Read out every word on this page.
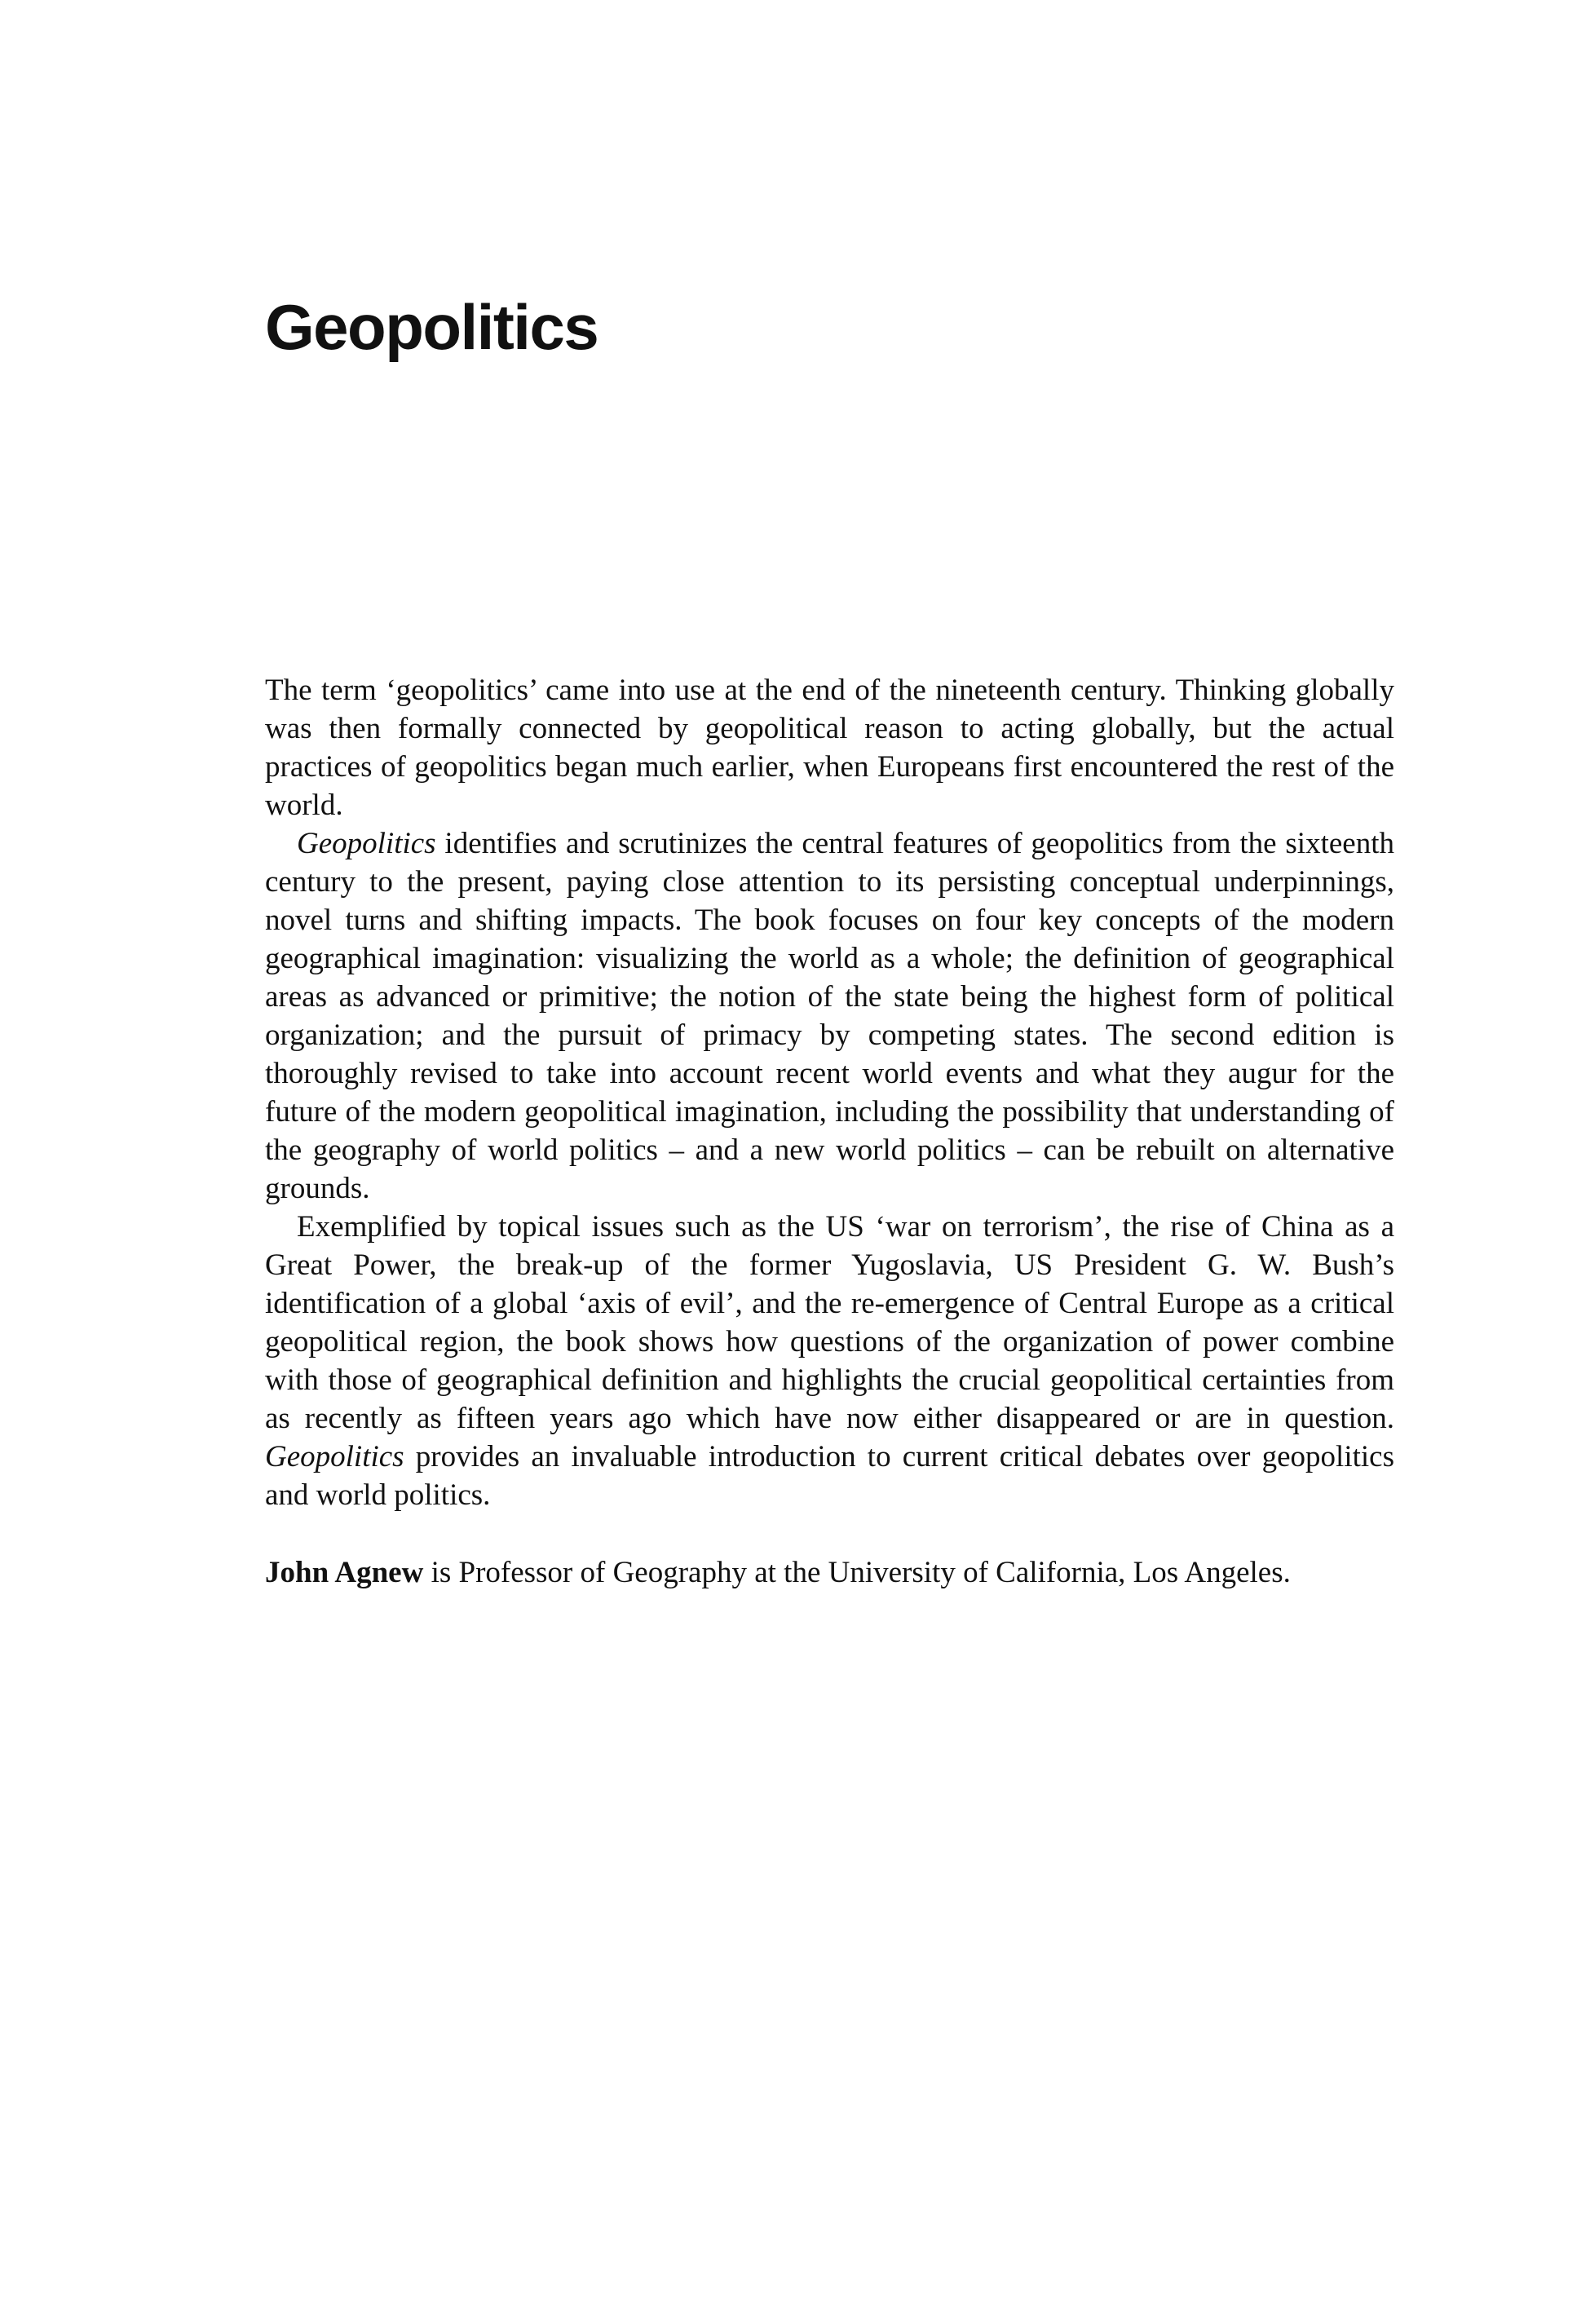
Geopolitics

The term ‘geopolitics’ came into use at the end of the nineteenth century. Thinking globally was then formally connected by geopolitical reason to acting globally, but the actual practices of geopolitics began much earlier, when Europeans first encountered the rest of the world.

Geopolitics identifies and scrutinizes the central features of geopolitics from the sixteenth century to the present, paying close attention to its persisting conceptual underpinnings, novel turns and shifting impacts. The book focuses on four key concepts of the modern geographical imagination: visualizing the world as a whole; the definition of geographical areas as advanced or primitive; the notion of the state being the highest form of political organization; and the pursuit of primacy by competing states. The second edition is thoroughly revised to take into account recent world events and what they augur for the future of the modern geopolitical imagination, including the possibility that understanding of the geography of world politics – and a new world politics – can be rebuilt on alternative grounds.

Exemplified by topical issues such as the US ‘war on terrorism’, the rise of China as a Great Power, the break-up of the former Yugoslavia, US President G. W. Bush’s identification of a global ‘axis of evil’, and the re-emergence of Central Europe as a critical geopolitical region, the book shows how questions of the organization of power combine with those of geographical definition and highlights the crucial geopolitical certainties from as recently as fifteen years ago which have now either disappeared or are in question. Geopolitics provides an invaluable introduction to current critical debates over geopolitics and world politics.

John Agnew is Professor of Geography at the University of California, Los Angeles.
